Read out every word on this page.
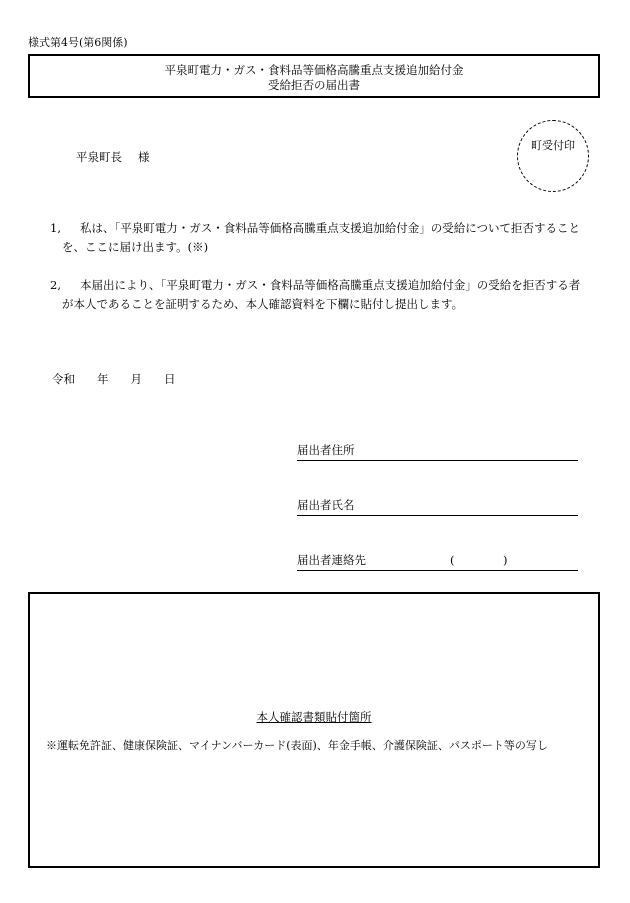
様式第4号(第6関係)
平泉町電力・ガス・食料品等価格高騰重点支援追加給付金
受給拒否の届出書
町受付印
平泉町長 様
1,	私は、「平泉町電力・ガス・食料品等価格高騰重点支援追加給付金」の受給について拒否することを、ここに届け出ます。(※)
2,	本届出により、「平泉町電力・ガス・食料品等価格高騰重点支援追加給付金」の受給を拒否する者が本人であることを証明するため、本人確認資料を下欄に貼付し提出します。
令和 年 月 日
届出者住所
届出者氏名
届出者連絡先	(	)
本人確認書類貼付箇所
※運転免許証、健康保険証、マイナンバーカード(表面)、年金手帳、介護保険証、パスポート等の写し
